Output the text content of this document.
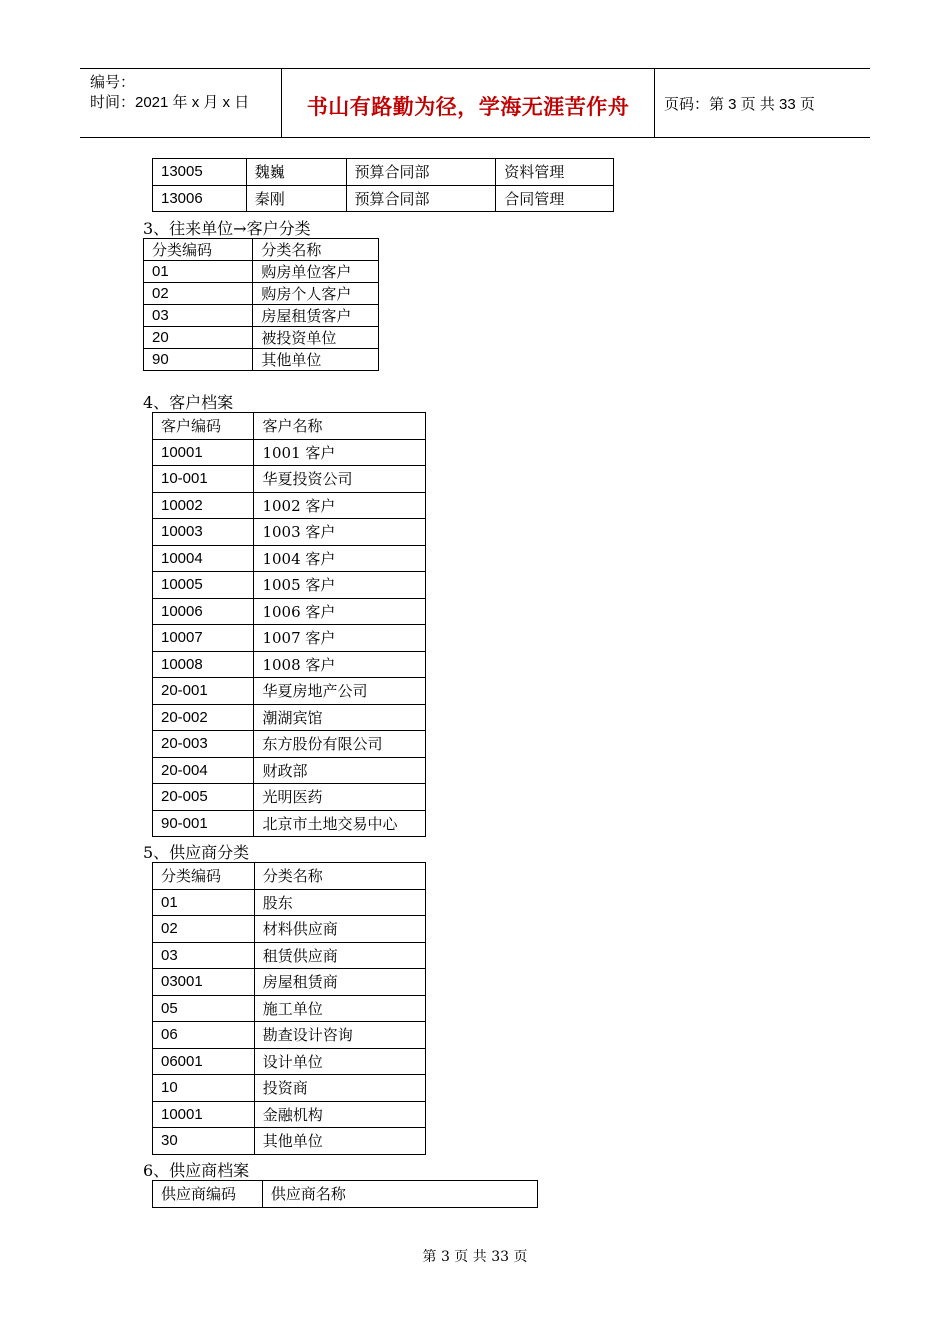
编号：
时间：2021 年 x 月 x 日	书山有路勤为径，学海无涯苦作舟	页码：第 3 页 共 33 页
13005	魏巍	预算合同部	资料管理
13006	秦刚	预算合同部	合同管理
3、往来单位→客户分类
分类编码	分类名称
01	购房单位客户
02	购房个人客户
03	房屋租赁客户
20	被投资单位
90	其他单位
4、客户档案
客户编码	客户名称
10001	1001 客户
10-001	华夏投资公司
10002	1002 客户
10003	1003 客户
10004	1004 客户
10005	1005 客户
10006	1006 客户
10007	1007 客户
10008	1008 客户
20-001	华夏房地产公司
20-002	潮湖宾馆
20-003	东方股份有限公司
20-004	财政部
20-005	光明医药
90-001	北京市土地交易中心
5、供应商分类
分类编码	分类名称
01	股东
02	材料供应商
03	租赁供应商
03001	房屋租赁商
05	施工单位
06	勘查设计咨询
06001	设计单位
10	投资商
10001	金融机构
30	其他单位
6、供应商档案
供应商编码	供应商名称
第 3 页 共 33 页
